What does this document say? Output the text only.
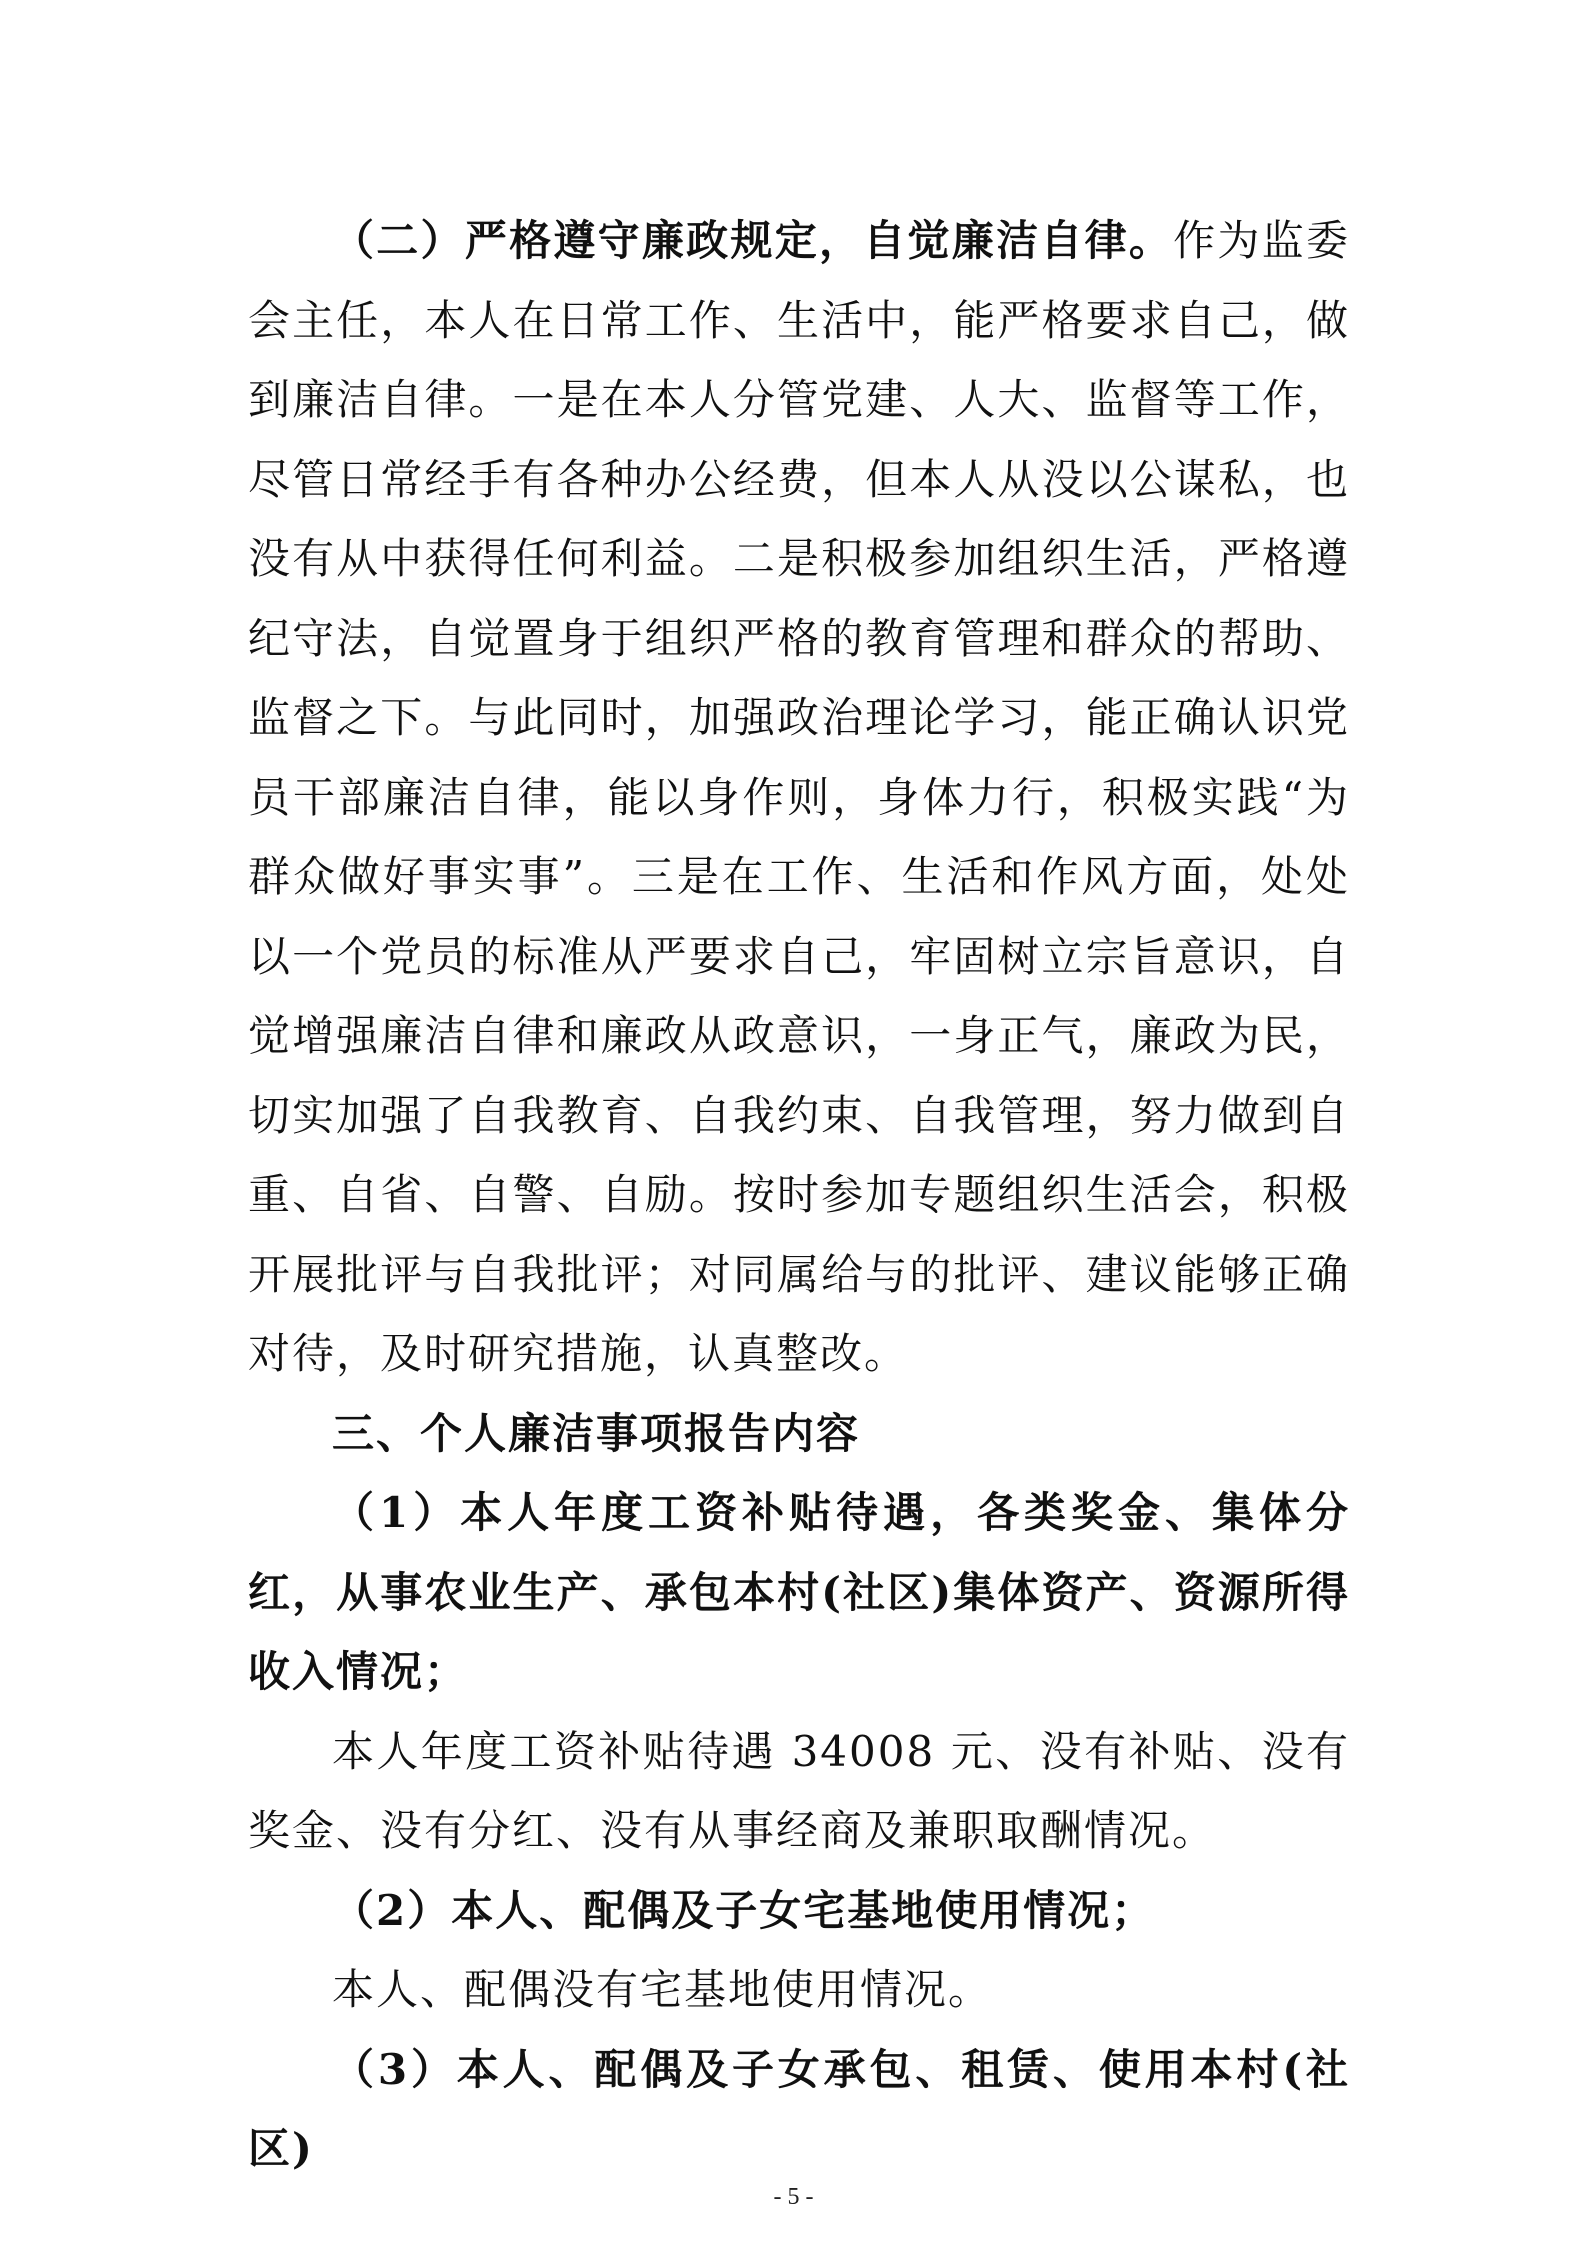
（二）严格遵守廉政规定，自觉廉洁自律。作为监委会主任，本人在日常工作、生活中，能严格要求自己，做到廉洁自律。一是在本人分管党建、人大、监督等工作，尽管日常经手有各种办公经费，但本人从没以公谋私，也没有从中获得任何利益。二是积极参加组织生活，严格遵纪守法，自觉置身于组织严格的教育管理和群众的帮助、监督之下。与此同时，加强政治理论学习，能正确认识党员干部廉洁自律，能以身作则，身体力行，积极实践“为群众做好事实事”。三是在工作、生活和作风方面，处处以一个党员的标准从严要求自己，牢固树立宗旨意识，自觉增强廉洁自律和廉政从政意识，一身正气，廉政为民，切实加强了自我教育、自我约束、自我管理，努力做到自重、自省、自警、自励。按时参加专题组织生活会，积极开展批评与自我批评；对同属给与的批评、建议能够正确对待，及时研究措施，认真整改。

三、个人廉洁事项报告内容

（1）本人年度工资补贴待遇，各类奖金、集体分红，从事农业生产、承包本村(社区)集体资产、资源所得收入情况；

本人年度工资补贴待遇 34008 元、没有补贴、没有奖金、没有分红、没有从事经商及兼职取酬情况。

（2）本人、配偶及子女宅基地使用情况；

本人、配偶没有宅基地使用情况。

（3）本人、配偶及子女承包、租赁、使用本村(社区)

- 5 -
